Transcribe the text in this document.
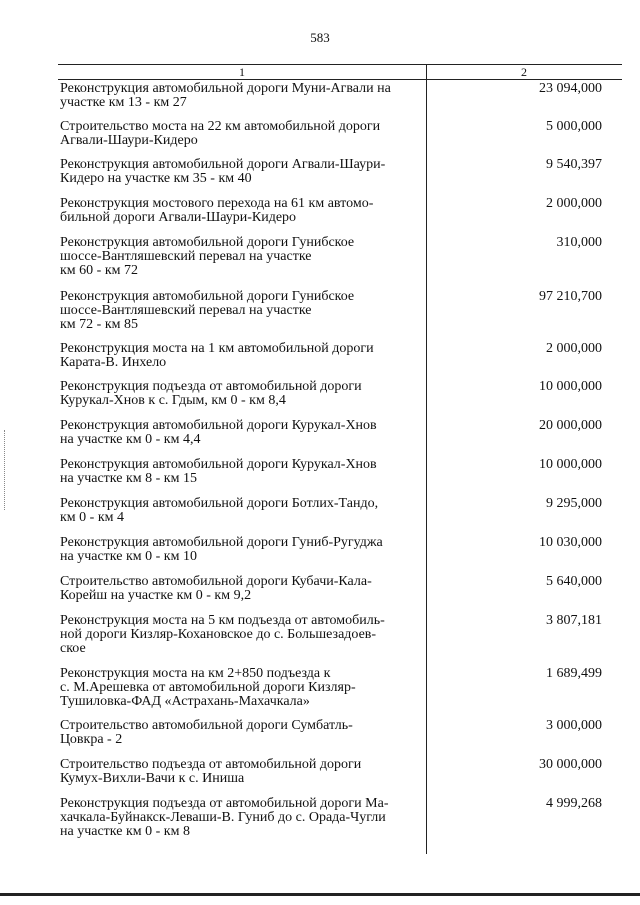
583
1	2
Реконструкция автомобильной дороги Муни-Агвали на
участке км 13 - км 27
23 094,000
Строительство моста на 22 км автомобильной дороги
Агвали-Шаури-Кидеро
5 000,000
Реконструкция автомобильной дороги Агвали-Шаури-
Кидеро на участке км 35 - км 40
9 540,397
Реконструкция мостового перехода на 61 км автомо-
бильной дороги Агвали-Шаури-Кидеро
2 000,000
Реконструкция автомобильной дороги Гунибское
шоссе-Вантляшевский перевал на участке
км 60 - км 72
310,000
Реконструкция автомобильной дороги Гунибское
шоссе-Вантляшевский перевал на участке
км 72 - км 85
97 210,700
Реконструкция моста на 1 км автомобильной дороги
Карата-В. Инхело
2 000,000
Реконструкция подъезда от автомобильной дороги
Курукал-Хнов к с. Гдым, км 0 - км 8,4
10 000,000
Реконструкция автомобильной дороги Курукал-Хнов
на участке км 0 - км 4,4
20 000,000
Реконструкция автомобильной дороги Курукал-Хнов
на участке км 8 - км 15
10 000,000
Реконструкция автомобильной дороги Ботлих-Тандо,
км 0 - км 4
9 295,000
Реконструкция автомобильной дороги Гуниб-Ругуджа
на участке км 0 - км 10
10 030,000
Строительство автомобильной дороги Кубачи-Кала-
Корейш на участке км 0 - км 9,2
5 640,000
Реконструкция моста на 5 км подъезда от автомобиль-
ной дороги Кизляр-Кохановское до с. Большезадоев-
ское
3 807,181
Реконструкция моста на км 2+850 подъезда к
с. М.Арешевка от автомобильной дороги Кизляр-
Тушиловка-ФАД «Астрахань-Махачкала»
1 689,499
Строительство автомобильной дороги Сумбатль-
Цовкра - 2
3 000,000
Строительство подъезда от автомобильной дороги
Кумух-Вихли-Вачи к с. Иниша
30 000,000
Реконструкция подъезда от автомобильной дороги Ма-
хачкала-Буйнакск-Леваши-В. Гуниб до с. Орада-Чугли
на участке км 0 - км 8
4 999,268
